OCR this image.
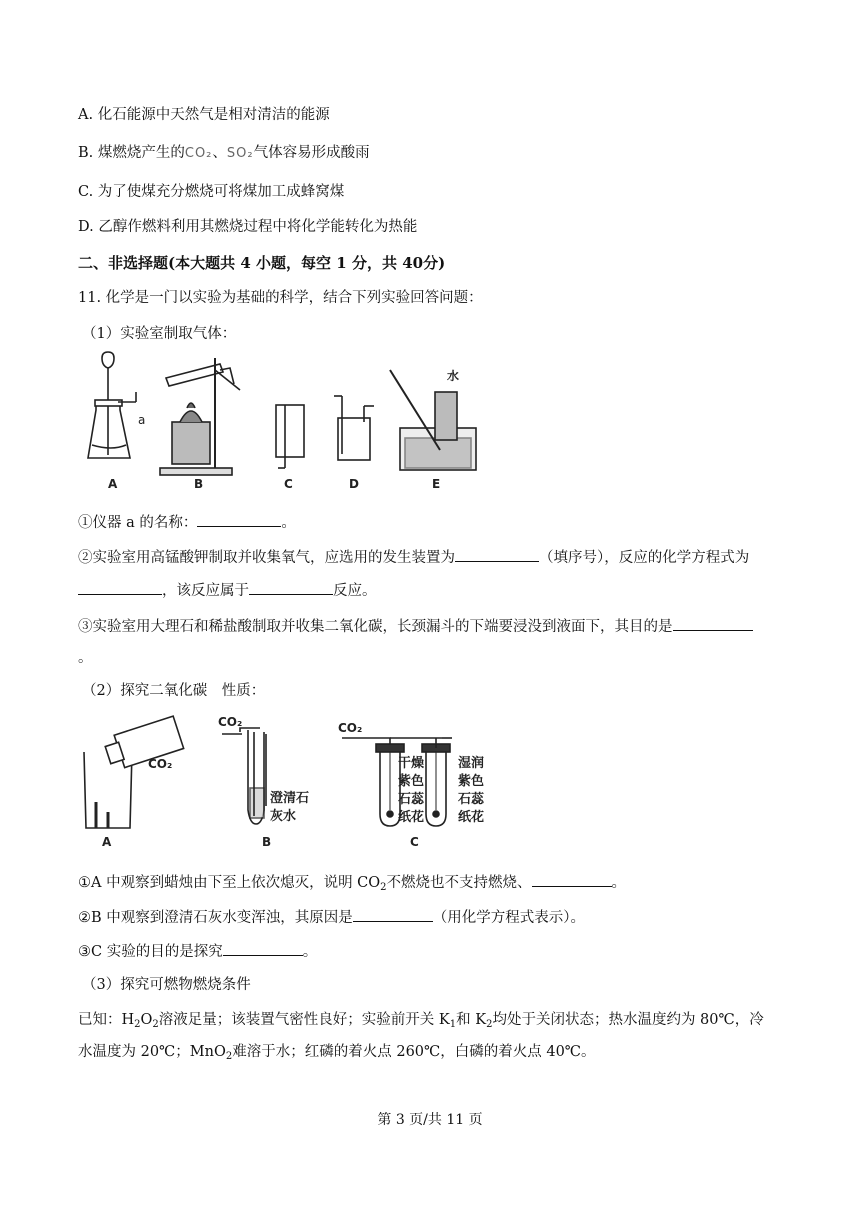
A. 化石能源中天然气是相对清洁的能源
B. 煤燃烧产生的CO₂、SO₂气体容易形成酸雨
C. 为了使煤充分燃烧可将煤加工成蜂窝煤
D. 乙醇作燃料利用其燃烧过程中将化学能转化为热能
二、非选择题(本大题共 4 小题，每空 1 分，共 40分)
11. 化学是一门以实验为基础的科学，结合下列实验回答问题：
（1）实验室制取气体：
水
a
A	B	C	D	E
①仪器 a 的名称：	。
②实验室用高锰酸钾制取并收集氧气，应选用的发生装置为	（填序号），反应的化学方程式为
，该反应属于	反应。
③实验室用大理石和稀盐酸制取并收集二氧化碳，长颈漏斗的下端要浸没到液面下，其目的是
。
（2）探究二氧化碳　性质：
CO₂
CO₂	CO₂
澄清石
灰水
干燥
紫色
石蕊
纸花
湿润
紫色
石蕊
纸花
A	B	C
①A 中观察到蜡烛由下至上依次熄灭，说明 $CO_2$不燃烧也不支持燃烧、	。
②B 中观察到澄清石灰水变浑浊，其原因是	（用化学方程式表示）。
③C 实验的目的是探究	。
（3）探究可燃物燃烧条件
已知：$H_2O_2$溶液足量；该装置气密性良好；实验前开关 $K_1$和 $K_2$均处于关闭状态；热水温度约为 80℃，冷
水温度为 20℃；MnO$_2$难溶于水；红磷的着火点 260℃，白磷的着火点 40℃。
第 3 页/共 11 页
